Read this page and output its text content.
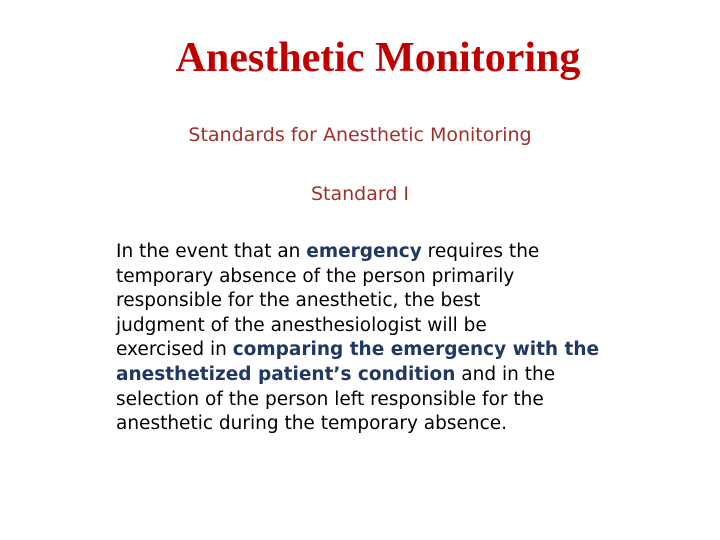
Anesthetic Monitoring
Standards for Anesthetic Monitoring
Standard I
In the event that an emergency requires the
temporary absence of the person primarily
responsible for the anesthetic, the best
judgment of the anesthesiologist will be
exercised in comparing the emergency with the
anesthetized patient’s condition and in the
selection of the person left responsible for the
anesthetic during the temporary absence.
